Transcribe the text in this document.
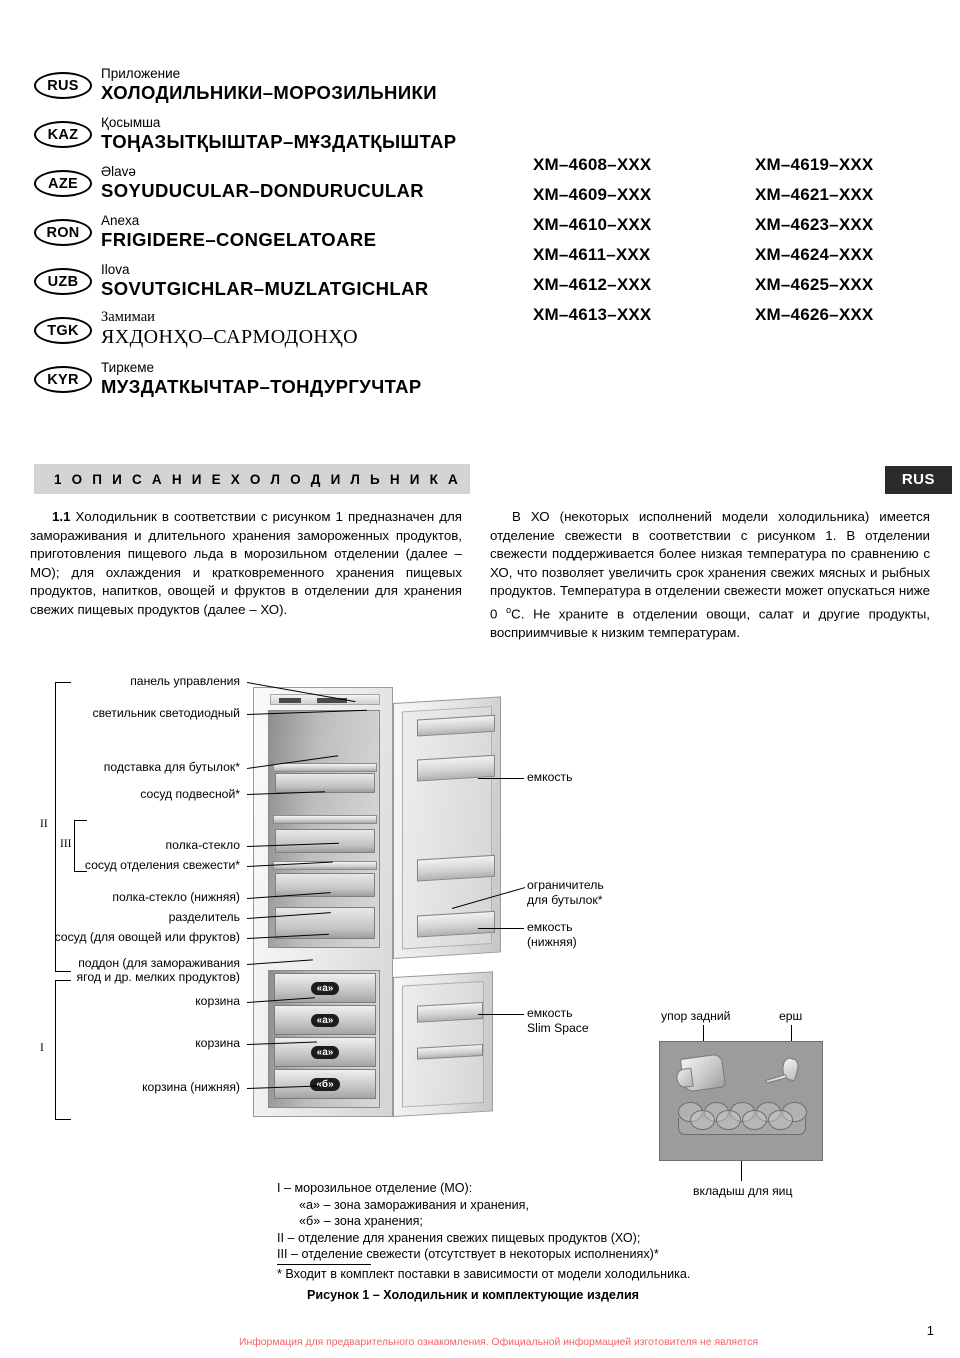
RUS
Приложение
ХОЛОДИЛЬНИКИ–МОРОЗИЛЬНИКИ
KAZ
Қосымша
ТОҢАЗЫТҚЫШТАР–МҰЗДАТҚЫШТАР
AZE
Əlavə
SOYUDUCULAR–DONDURUCULAR
RON
Anexa
FRIGIDERE–CONGELATOARE
UZB
Ilova
SOVUTGICHLAR–MUZLATGICHLAR
TGK
Замимаи
ЯХДОНҲО–САРМОДОНҲО
KYR
Тиркеме
МУЗДАТКЫЧТАР–ТОНДУРГУЧТАР
ХМ–4608–ХХХ	ХМ–4619–ХХХ
ХМ–4609–ХХХ	ХМ–4621–ХХХ
ХМ–4610–ХХХ	ХМ–4623–ХХХ
ХМ–4611–ХХХ	ХМ–4624–ХХХ
ХМ–4612–ХХХ	ХМ–4625–ХХХ
ХМ–4613–ХХХ	ХМ–4626–ХХХ
1 О П И С А Н И Е Х О Л О Д И Л Ь Н И К А	RUS
1.1 Холодильник в соответствии с рисунком 1 предназначен для замораживания и длительного хранения замороженных продуктов, приготовления пищевого льда в морозильном отделении (далее – МО); для охлаждения и кратковременного хранения пищевых продуктов, напитков, овощей и фруктов в отделении для хранения свежих пищевых продуктов (далее – ХО).
В ХО (некоторых исполнений модели холодильника) имеется отделение свежести в соответствии с рисунком 1. В отделении свежести поддерживается более низкая температура по сравнению с ХО, что позволяет увеличить срок хранения свежих мясных и рыбных продуктов. Температура в отделении свежести может опускаться ниже 0 $^о$С. Не храните в отделении овощи, салат и другие продукты, восприимчивые к низким температурам.
II
III
I
«а»
«а»
«а»
«б»
панель управления
светильник светодиодный
подставка для бутылок*
сосуд подвесной*
полка-стекло
сосуд отделения свежести*
полка-стекло (нижняя)
разделитель
сосуд (для овощей или фруктов)
поддон (для замораживания
ягод и др. мелких продуктов)
корзина
корзина
корзина (нижняя)
емкость
ограничитель
для бутылок*
емкость
(нижняя)
емкость
Slim Space
упор задний	ерш
вкладыш для яиц
I – морозильное отделение (МО):
«а» – зона замораживания и хранения,
«б» – зона хранения;
II – отделение для хранения свежих пищевых продуктов (ХО);
III – отделение свежести (отсутствует в некоторых исполнениях)*
* Входит в комплект поставки в зависимости от модели холодильника.
Рисунок 1 – Холодильник и комплектующие изделия
Информация для предварительного ознакомления. Официальной информацией изготовителя не является
1
